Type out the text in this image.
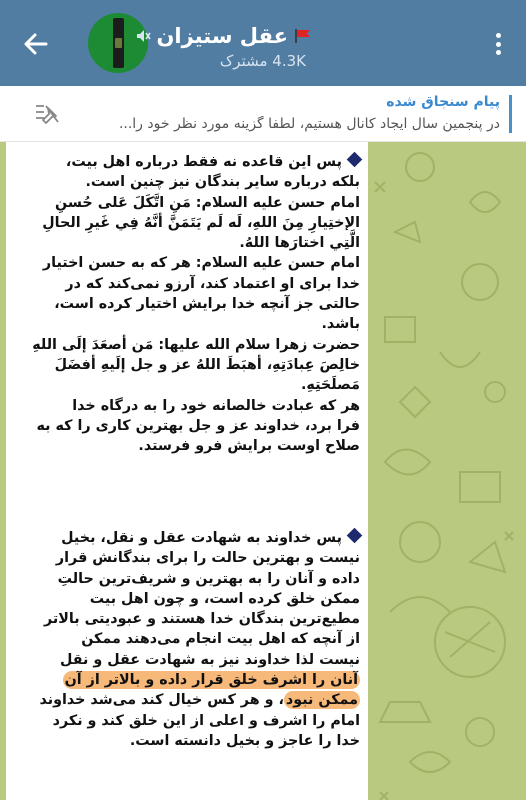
عقل ستیزان
4.3K مشترک
پیام سنجاق شده
در پنجمین سال ایجاد کانال هستیم، لطفا گزینه مورد نظر خود را...

پس این قاعده نه فقط درباره اهل بیت،

بلکه درباره سایر بندگان نیز چنین است.

امام حسن علیه السلام: مَنِ اتَّكَلَ عَلى حُسنِ

الإختِیارِ مِنَ اللهِ، لَه لَم يَتَمَنَّ أنَّهُ فِي غَیرِ الحالِ

الَّتِي اختارَها اللهُ.

امام حسن علیه السلام: هر که به حسن اختیار

خدا برای او اعتماد کند، آرزو نمی‌کند که در

حالتی جز آنچه خدا برایش اختیار کرده است،

باشد.

حضرت زهرا سلام الله علیها: مَن أصعَدَ إلَى اللهِ

خالِصَ عِبادَتِهِ، أهبَطَ اللهُ عز و جل إلَيهِ أفضَلَ

مَصلَحَتِهِ.

هر که عبادت خالصانه خود را به درگاه خدا

فرا برد، خداوند عز و جل بهترین کاری را که به

صلاح اوست برایش فرو فرستد.

پس خداوند به شهادت عقل و نقل، بخیل

نیست و بهترین حالت را برای بندگانش قرار

داده و آنان را به بهترین و شریف‌ترین حالتِ

ممکن خلق کرده است، و چون اهل بیت

مطیع‌ترین بندگان خدا هستند و عبودیتی بالاتر

از آنچه که اهل بیت انجام می‌دهند ممکن

نیست لذا خداوند نیز به شهادت عقل و نقل

آنان را اشرف خلق قرار داده و بالاتر از آن

ممکن نبود، و هر کس خیال کند می‌شد خداوند

امام را اشرف و اعلی از این خلق کند و نکرد

خدا را عاجز و بخیل دانسته است.
